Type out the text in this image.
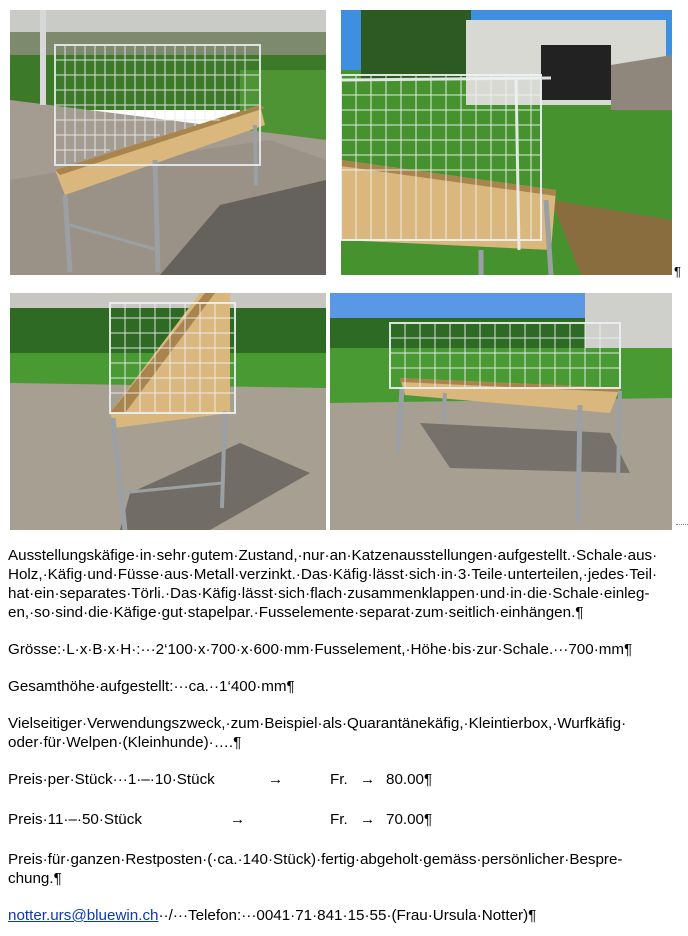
¶
Ausstellungskäfige·in·sehr·gutem·Zustand,·nur·an·Katzenausstellungen·aufgestellt.·Schale·aus·
Holz,·Käfig·und·Füsse·aus·Metall·verzinkt.·Das·Käfig·lässt·sich·in·3·Teile·unterteilen,·jedes·Teil·
hat·ein·separates·Törli.·Das·Käfig·lässt·sich·flach·zusammenklappen·und·in·die·Schale·einleg-
en,·so·sind·die·Käfige·gut·stapelpar.·Fusselemente·separat·zum·seitlich·einhängen.¶
Grösse:·L·x·B·x·H·:···2‘100·x·700·x·600·mm·Fusselement,·Höhe·bis·zur·Schale.···700·mm¶
Gesamthöhe·aufgestellt:···ca.··1‘400·mm¶
Vielseitiger·Verwendungszweck,·zum·Beispiel·als·Quarantänekäfig,·Kleintierbox,·Wurfkäfig·
oder·für·Welpen·(Kleinhunde)·….¶
Preis·per·Stück···1·–·10·Stück	→	Fr. → 80.00¶
Preis·11·–·50·Stück	→	Fr. → 70.00¶
Preis·für·ganzen·Restposten·(·ca.·140·Stück)·fertig·abgeholt·gemäss·persönlicher·Bespre-
chung.¶
notter.urs@bluewin.ch··/···Telefon:···0041·71·841·15·55·(Frau·Ursula·Notter)¶
